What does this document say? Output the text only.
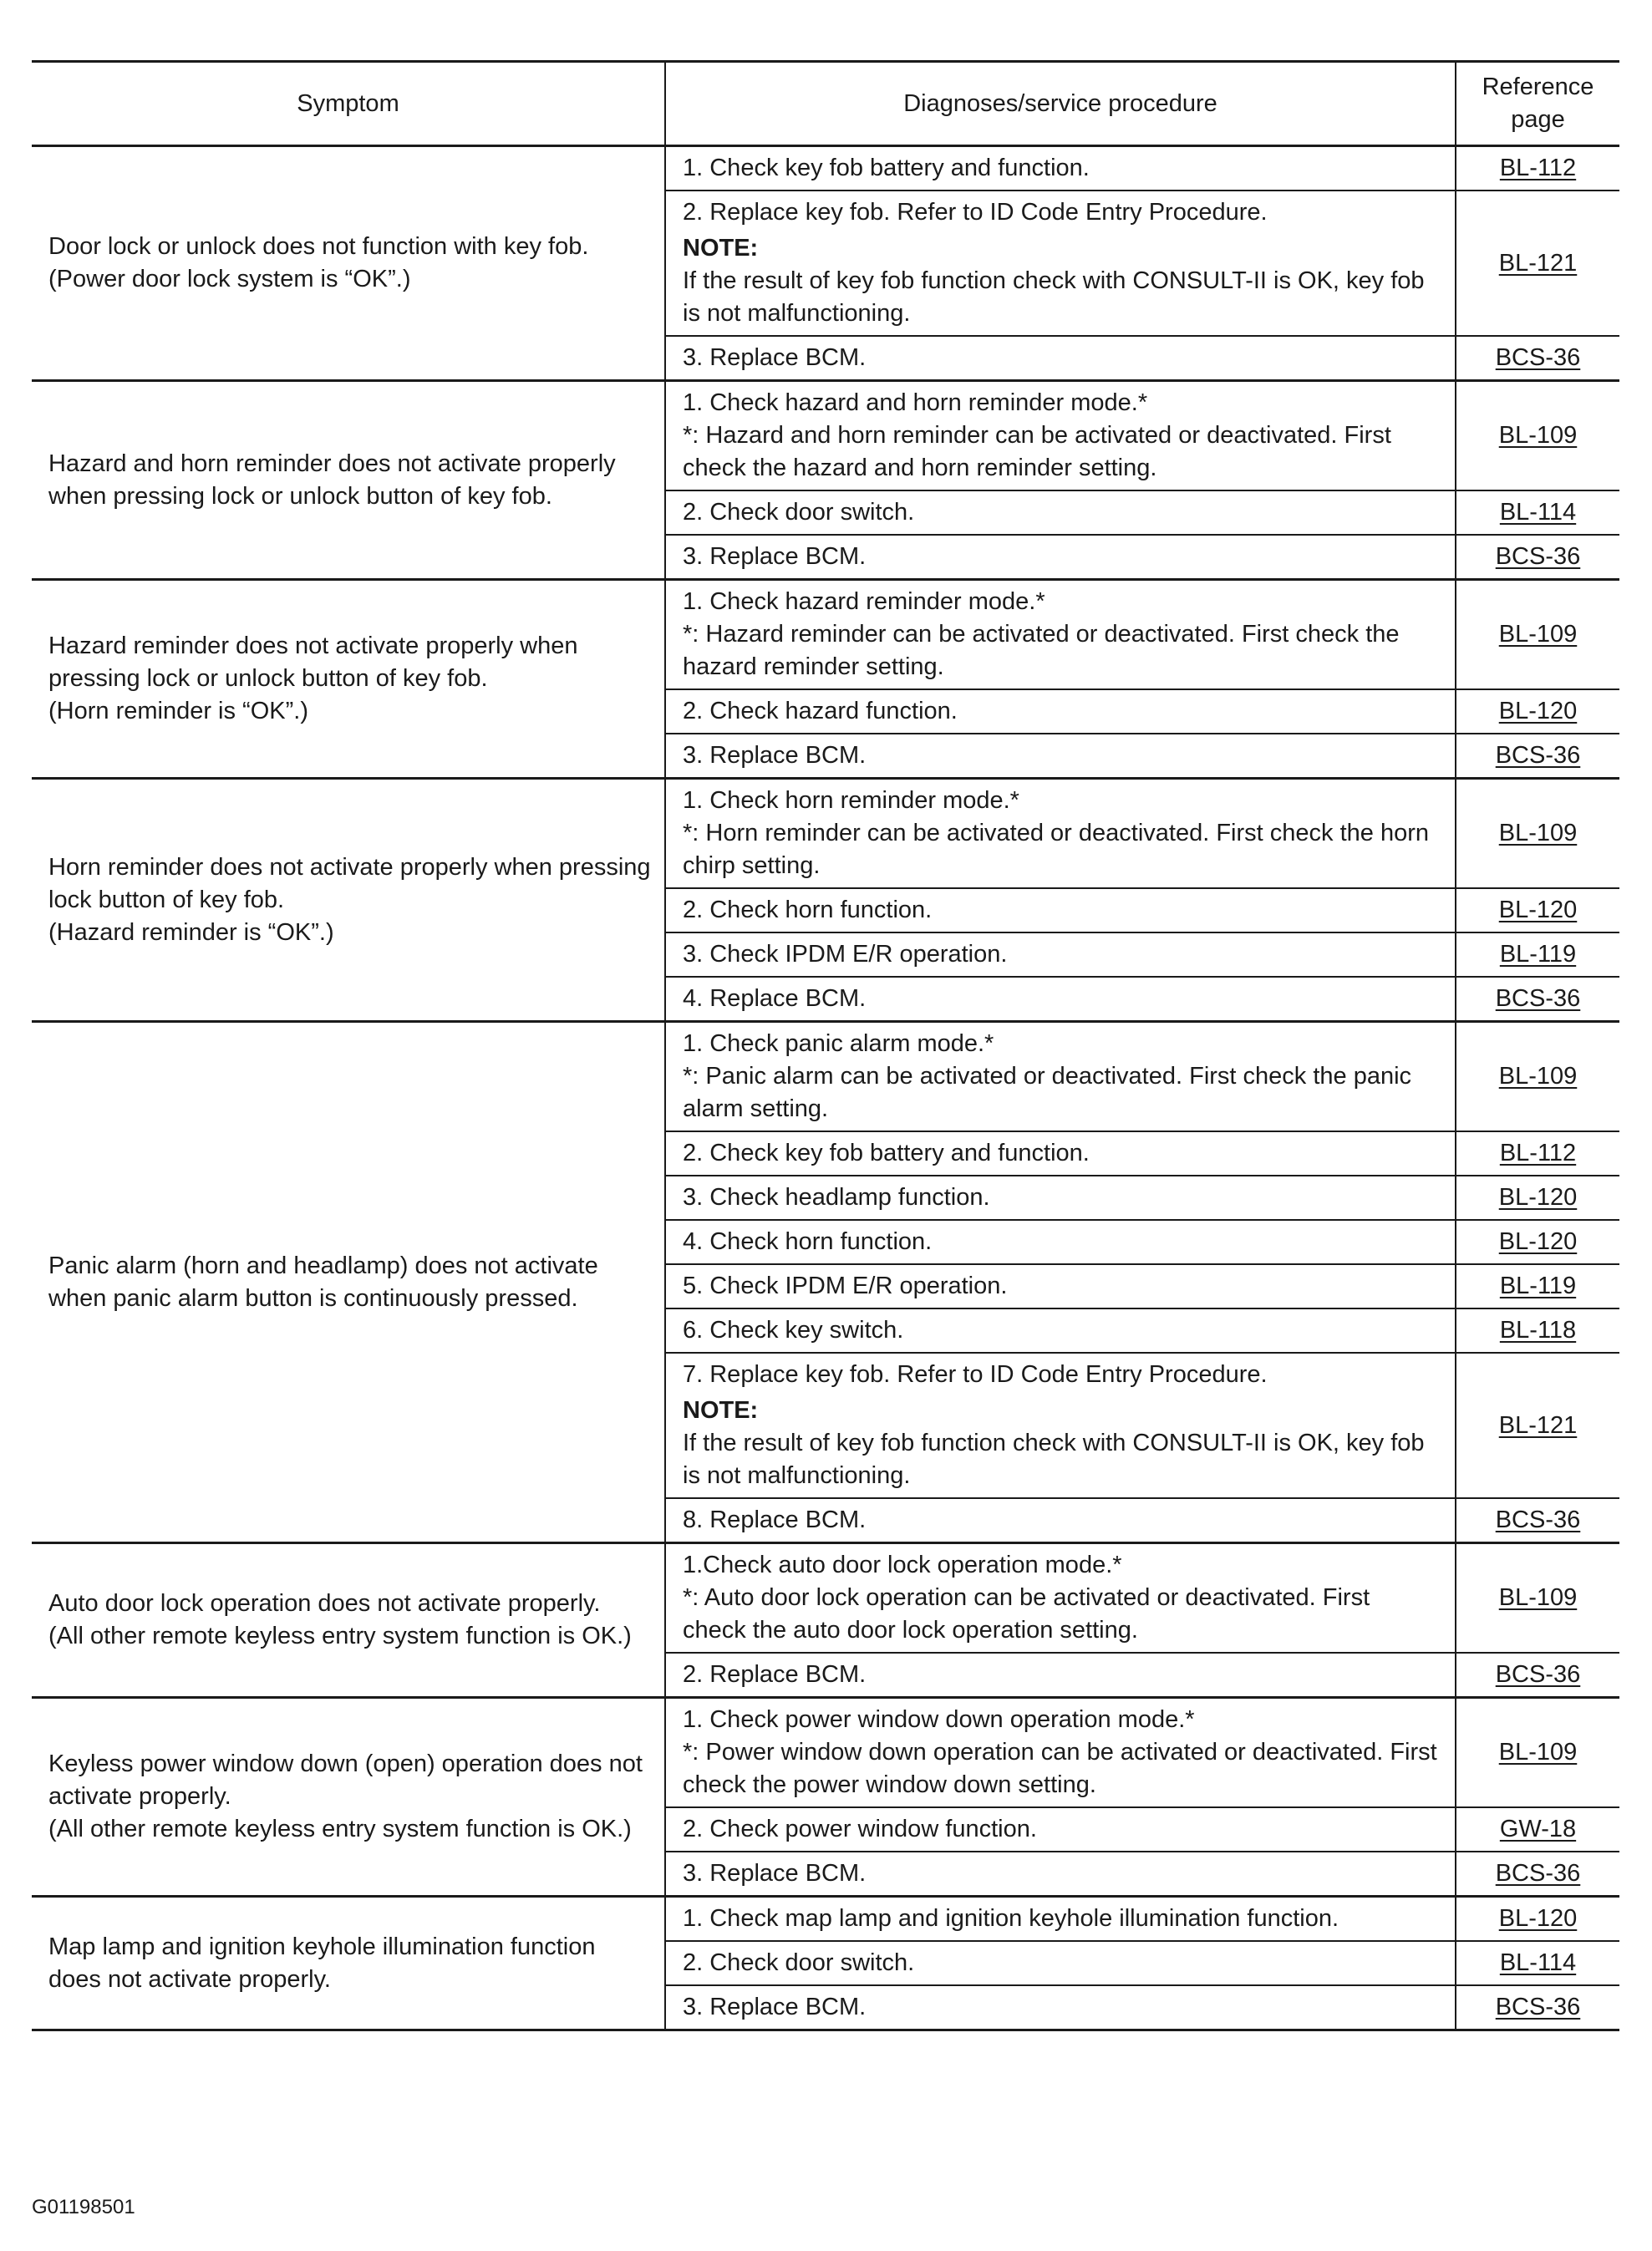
Symptom	Diagnoses/service procedure	Reference page

Door lock or unlock does not function with key fob.
(Power door lock system is “OK”.)	1. Check key fob battery and function.	BL-112

	2. Replace key fob. Refer to ID Code Entry Procedure.
NOTE:
If the result of key fob function check with CONSULT-II is OK, key fob is not malfunctioning.	BL-121

	3. Replace BCM.	BCS-36

Hazard and horn reminder does not activate properly when pressing lock or unlock button of key fob.	1. Check hazard and horn reminder mode.*
*: Hazard and horn reminder can be activated or deactivated. First check the hazard and horn reminder setting.	BL-109

	2. Check door switch.	BL-114

	3. Replace BCM.	BCS-36

Hazard reminder does not activate properly when pressing lock or unlock button of key fob.
(Horn reminder is “OK”.)	1. Check hazard reminder mode.*
*: Hazard reminder can be activated or deactivated. First check the hazard reminder setting.	BL-109

	2. Check hazard function.	BL-120

	3. Replace BCM.	BCS-36

Horn reminder does not activate properly when pressing lock button of key fob.
(Hazard reminder is “OK”.)	1. Check horn reminder mode.*
*: Horn reminder can be activated or deactivated. First check the horn chirp setting.	BL-109

	2. Check horn function.	BL-120

	3. Check IPDM E/R operation.	BL-119

	4. Replace BCM.	BCS-36

Panic alarm (horn and headlamp) does not activate when panic alarm button is continuously pressed.	1. Check panic alarm mode.*
*: Panic alarm can be activated or deactivated. First check the panic alarm setting.	BL-109

	2. Check key fob battery and function.	BL-112

	3. Check headlamp function.	BL-120

	4. Check horn function.	BL-120

	5. Check IPDM E/R operation.	BL-119

	6. Check key switch.	BL-118

	7. Replace key fob. Refer to ID Code Entry Procedure.
NOTE:
If the result of key fob function check with CONSULT-II is OK, key fob is not malfunctioning.	BL-121

	8. Replace BCM.	BCS-36

Auto door lock operation does not activate properly.
(All other remote keyless entry system function is OK.)	1.Check auto door lock operation mode.*
*: Auto door lock operation can be activated or deactivated. First check the auto door lock operation setting.	BL-109

	2. Replace BCM.	BCS-36

Keyless power window down (open) operation does not activate properly.
(All other remote keyless entry system function is OK.)	1. Check power window down operation mode.*
*: Power window down operation can be activated or deactivated. First check the power window down setting.	BL-109

	2. Check power window function.	GW-18

	3. Replace BCM.	BCS-36

Map lamp and ignition keyhole illumination function does not activate properly.	1. Check map lamp and ignition keyhole illumination function.	BL-120

	2. Check door switch.	BL-114

	3. Replace BCM.	BCS-36
G01198501
